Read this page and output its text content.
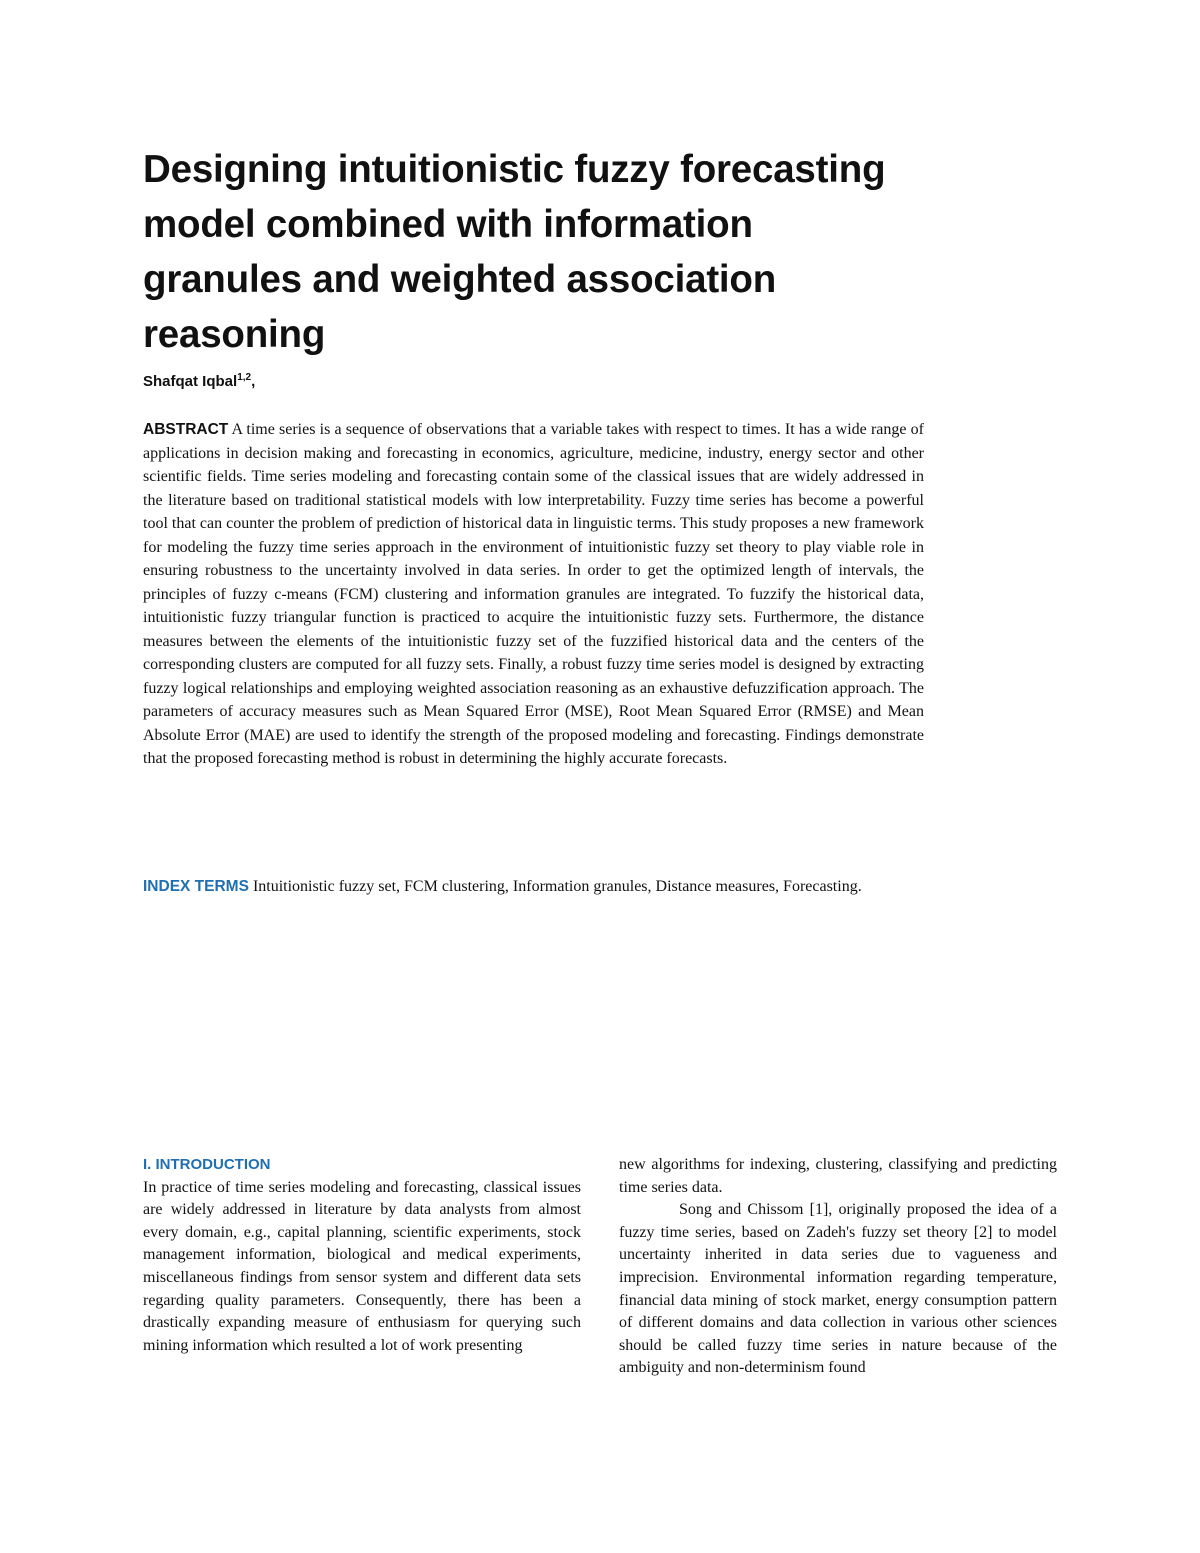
Designing intuitionistic fuzzy forecasting model combined with information granules and weighted association reasoning
Shafqat Iqbal$^{1,2}$,
ABSTRACT A time series is a sequence of observations that a variable takes with respect to times. It has a wide range of applications in decision making and forecasting in economics, agriculture, medicine, industry, energy sector and other scientific fields. Time series modeling and forecasting contain some of the classical issues that are widely addressed in the literature based on traditional statistical models with low interpretability. Fuzzy time series has become a powerful tool that can counter the problem of prediction of historical data in linguistic terms. This study proposes a new framework for modeling the fuzzy time series approach in the environment of intuitionistic fuzzy set theory to play viable role in ensuring robustness to the uncertainty involved in data series. In order to get the optimized length of intervals, the principles of fuzzy c-means (FCM) clustering and information granules are integrated. To fuzzify the historical data, intuitionistic fuzzy triangular function is practiced to acquire the intuitionistic fuzzy sets. Furthermore, the distance measures between the elements of the intuitionistic fuzzy set of the fuzzified historical data and the centers of the corresponding clusters are computed for all fuzzy sets. Finally, a robust fuzzy time series model is designed by extracting fuzzy logical relationships and employing weighted association reasoning as an exhaustive defuzzification approach. The parameters of accuracy measures such as Mean Squared Error (MSE), Root Mean Squared Error (RMSE) and Mean Absolute Error (MAE) are used to identify the strength of the proposed modeling and forecasting. Findings demonstrate that the proposed forecasting method is robust in determining the highly accurate forecasts.
INDEX TERMS Intuitionistic fuzzy set, FCM clustering, Information granules, Distance measures, Forecasting.
I. INTRODUCTION

In practice of time series modeling and forecasting, classical issues are widely addressed in literature by data analysts from almost every domain, e.g., capital planning, scientific experiments, stock management information, biological and medical experiments, miscellaneous findings from sensor system and different data sets regarding quality parameters. Consequently, there has been a drastically expanding measure of enthusiasm for querying such mining information which resulted a lot of work presenting

new algorithms for indexing, clustering, classifying and predicting time series data.

Song and Chissom [1], originally proposed the idea of a fuzzy time series, based on Zadeh's fuzzy set theory [2] to model uncertainty inherited in data series due to vagueness and imprecision. Environmental information regarding temperature, financial data mining of stock market, energy consumption pattern of different domains and data collection in various other sciences should be called fuzzy time series in nature because of the ambiguity and non-determinism found
